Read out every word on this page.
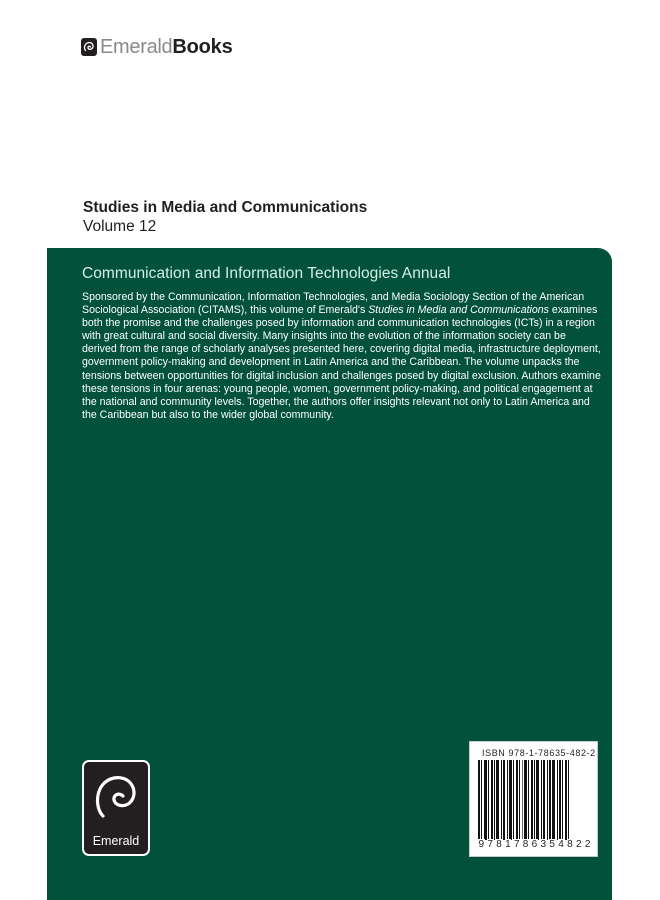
Emerald Books
Studies in Media and Communications
Volume 12
Communication and Information Technologies Annual

Sponsored by the Communication, Information Technologies, and Media Sociology Section of the American Sociological Association (CITAMS), this volume of Emerald's Studies in Media and Communications examines both the promise and the challenges posed by information and communication technologies (ICTs) in a region with great cultural and social diversity. Many insights into the evolution of the information society can be derived from the range of scholarly analyses presented here, covering digital media, infrastructure deployment, government policy-making and development in Latin America and the Caribbean. The volume unpacks the tensions between opportunities for digital inclusion and challenges posed by digital exclusion. Authors examine these tensions in four arenas: young people, women, government policy-making, and political engagement at the national and community levels. Together, the authors offer insights relevant not only to Latin America and the Caribbean but also to the wider global community.

Emerald
ISBN 978-1-78635-482-2
9 7 8 1 7 8 6 3 5 4 8 2 2
